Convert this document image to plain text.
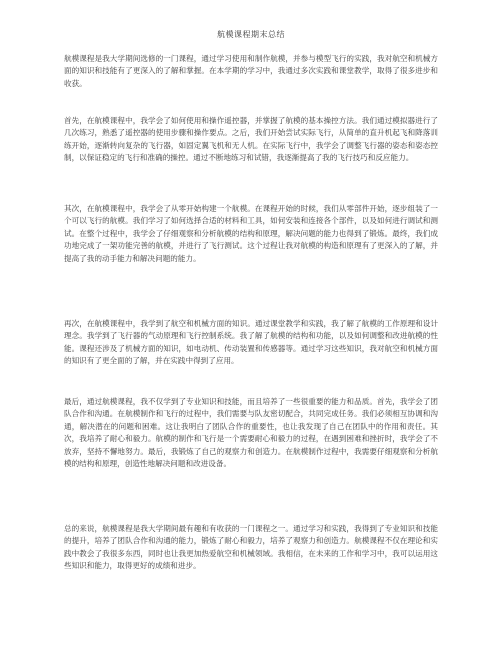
航模课程期末总结

航模课程是我大学期间选修的一门课程，通过学习使用和制作航模，并参与模型飞行的实践，我对航空和机械方面的知识和技能有了更深入的了解和掌握。在本学期的学习中，我通过多次实践和课堂教学，取得了很多进步和收获。

首先，在航模课程中，我学会了如何使用和操作遥控器，并掌握了航模的基本操控方法。我们通过模拟器进行了几次练习，熟悉了遥控器的使用步骤和操作要点。之后，我们开始尝试实际飞行，从简单的直升机起飞和降落训练开始，逐渐转向复杂的飞行器，如固定翼飞机和无人机。在实际飞行中，我学会了调整飞行器的姿态和姿态控制，以保证稳定的飞行和准确的操控。通过不断地练习和试错，我逐渐提高了我的飞行技巧和反应能力。

其次，在航模课程中，我学会了从零开始构建一个航模。在课程开始的时候，我们从零部件开始，逐步组装了一个可以飞行的航模。我们学习了如何选择合适的材料和工具，如何安装和连接各个部件，以及如何进行调试和测试。在整个过程中，我学会了仔细观察和分析航模的结构和原理，解决问题的能力也得到了锻炼。最终，我们成功地完成了一架功能完善的航模，并进行了飞行测试。这个过程让我对航模的构造和原理有了更深入的了解，并提高了我的动手能力和解决问题的能力。

再次，在航模课程中，我学到了航空和机械方面的知识。通过课堂教学和实践，我了解了航模的工作原理和设计理念。我学到了飞行器的气动原理和飞行控制系统。我了解了航模的结构和功能，以及如何调整和改进航模的性能。课程还涉及了机械方面的知识，如电动机、传动装置和传感器等。通过学习这些知识，我对航空和机械方面的知识有了更全面的了解，并在实践中得到了应用。

最后，通过航模课程，我不仅学到了专业知识和技能，而且培养了一些很重要的能力和品质。首先，我学会了团队合作和沟通。在航模制作和飞行的过程中，我们需要与队友密切配合，共同完成任务。我们必须相互协调和沟通，解决潜在的问题和困难。这让我明白了团队合作的重要性，也让我发现了自己在团队中的作用和责任。其次，我培养了耐心和毅力。航模的制作和飞行是一个需要耐心和毅力的过程，在遇到困难和挫折时，我学会了不放弃，坚持不懈地努力。最后，我锻炼了自己的观察力和创造力。在航模制作过程中，我需要仔细观察和分析航模的结构和原理，创造性地解决问题和改进设备。

总的来说，航模课程是我大学期间最有趣和有收获的一门课程之一。通过学习和实践，我得到了专业知识和技能的提升，培养了团队合作和沟通的能力，锻炼了耐心和毅力，培养了观察力和创造力。航模课程不仅在理论和实践中教会了我很多东西，同时也让我更加热爱航空和机械领域。我相信，在未来的工作和学习中，我可以运用这些知识和能力，取得更好的成绩和进步。
